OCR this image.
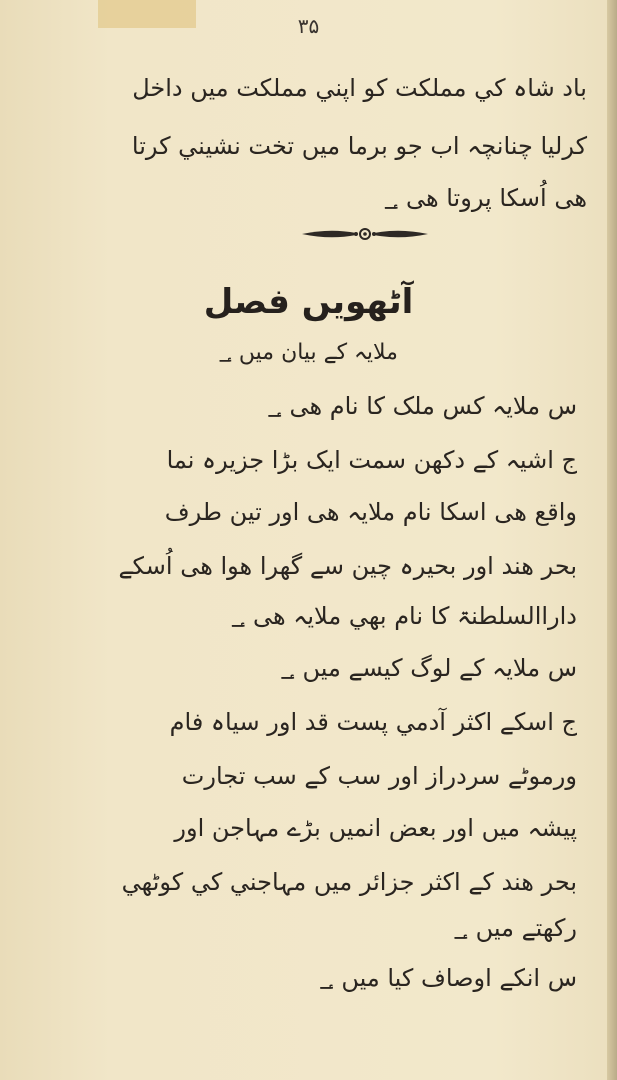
۳۵
باد شاہ کي مملکت کو اپني مملکت ميں داخل
کرليا چنانچہ اب جو برما ميں تخت نشيني کرتا
هی اُسکا پروتا هی ؀
آٹھويں فصل
ملايہ کے بيان ميں ؀
س ملايہ کس ملک کا نام هی ؀
ج اشيہ کے دکھن سمت ايک بڑا جزيرہ نما
واقع هی اسکا نام ملايہ هی اور تين طرف
بحر هند اور بحيرہ چين سے گھرا هوا هی اُسکے
داراالسلطنۃ کا نام بھي ملايہ هی ؀
س ملايہ کے لوگ کيسے ميں ؀
ج اسکے اکثر آدمي پست قد اور سياہ فام
ورموٹے سردراز اور سب کے سب تجارت
پيشہ ميں اور بعض انميں بڑے مہاجن اور
بحر هند کے اکثر جزائر ميں مہاجني کي کوٹھي
رکھتے ميں ؀
س انکے اوصاف کيا ميں ؀
